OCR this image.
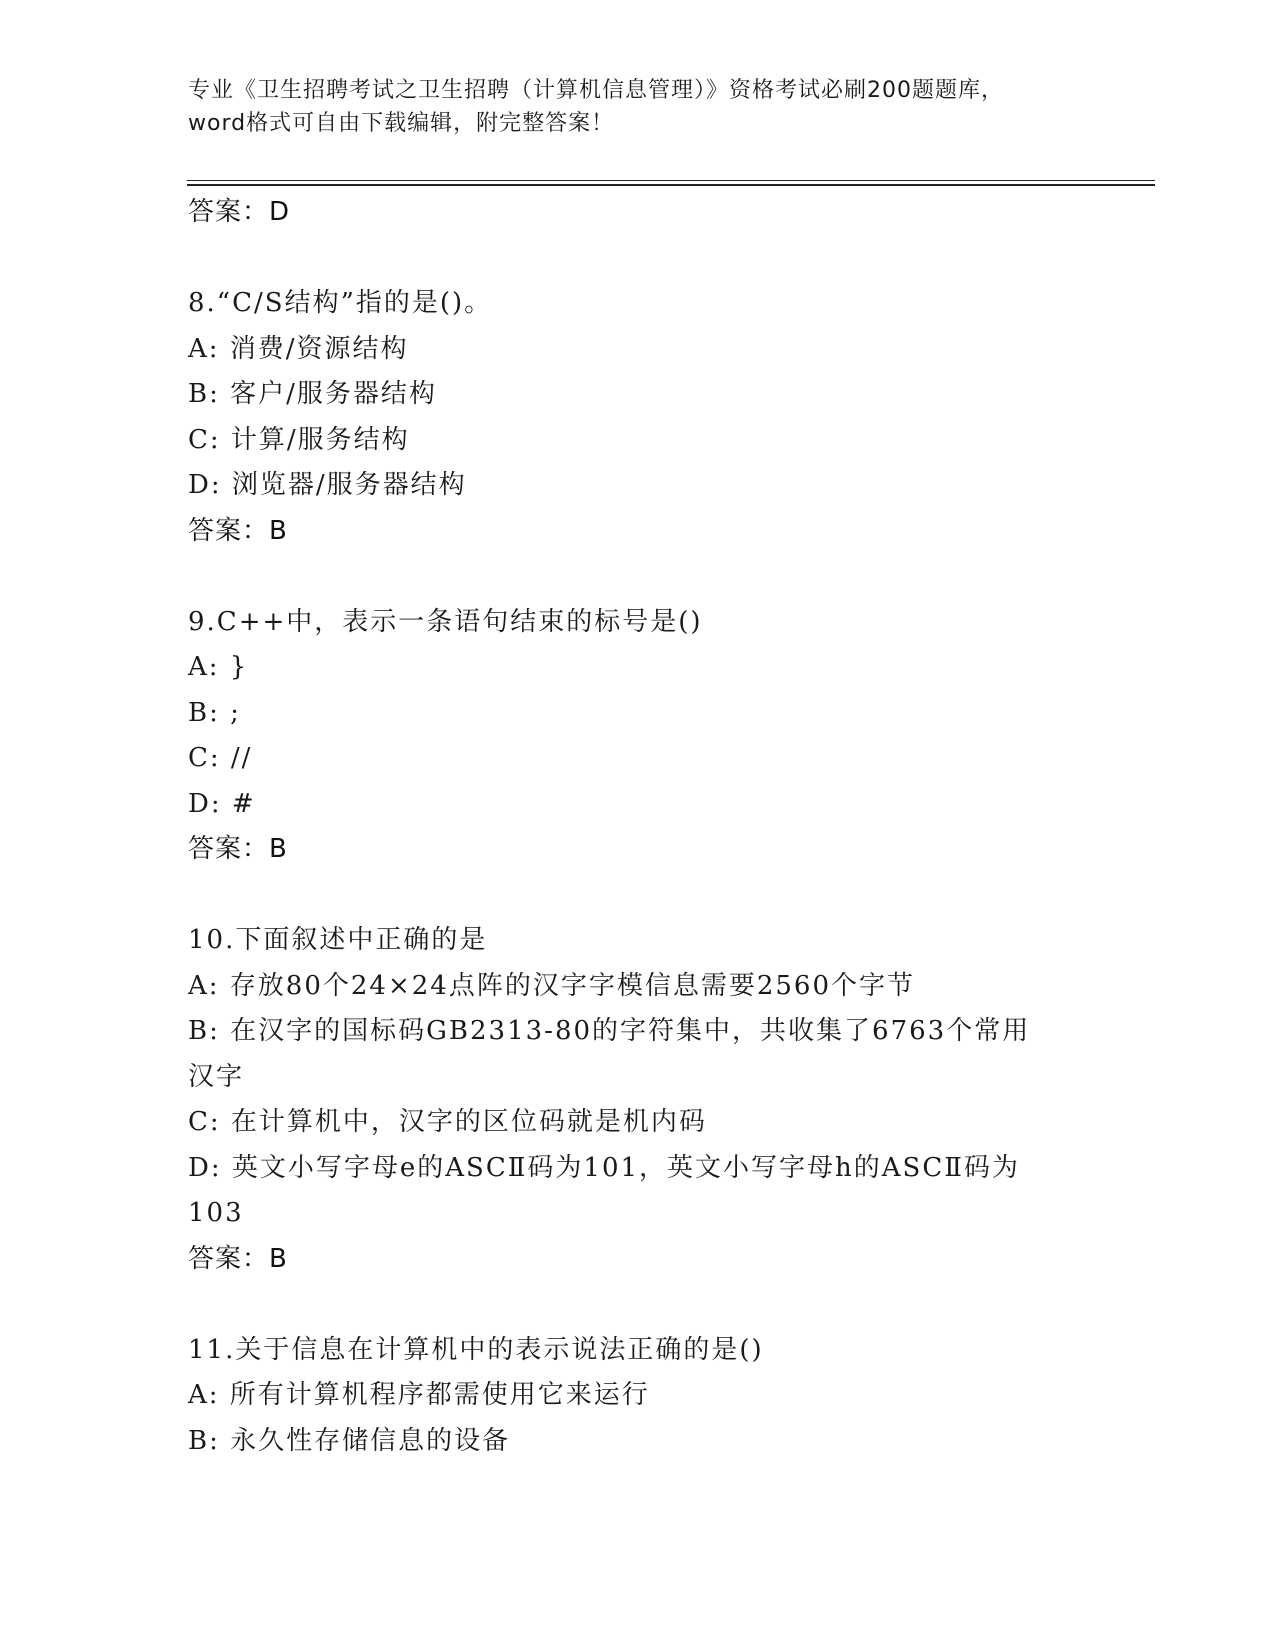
专业《卫生招聘考试之卫生招聘（计算机信息管理）》资格考试必刷200题题库，
word格式可自由下载编辑，附完整答案！
答案：D
8.“C/S结构”指的是()。
A: 消费/资源结构
B: 客户/服务器结构
C: 计算/服务结构
D: 浏览器/服务器结构
答案：B
9.C++中，表示一条语句结束的标号是()
A: }
B: ;
C: //
D: #
答案：B
10.下面叙述中正确的是
A: 存放80个24×24点阵的汉字字模信息需要2560个字节
B: 在汉字的国标码GB2313-80的字符集中，共收集了6763个常用汉字
C: 在计算机中，汉字的区位码就是机内码
D: 英文小写字母e的ASCⅡ码为101，英文小写字母h的ASCⅡ码为103
答案：B
11.关于信息在计算机中的表示说法正确的是()
A: 所有计算机程序都需使用它来运行
B: 永久性存储信息的设备
